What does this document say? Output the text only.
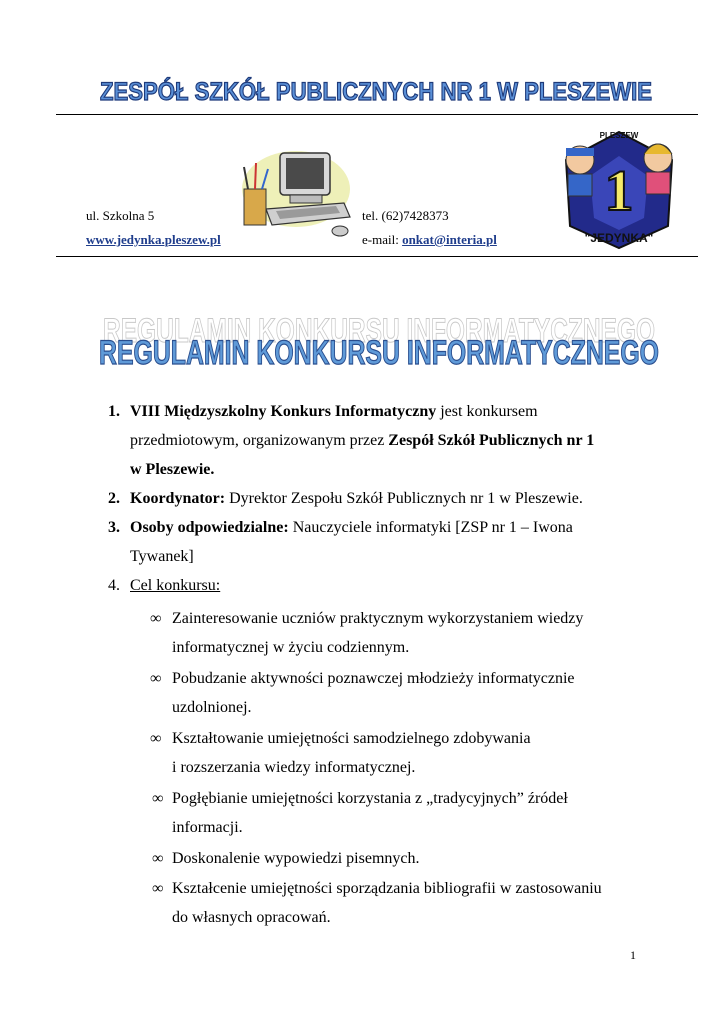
ZESPÓŁ SZKÓŁ PUBLICZNYCH NR 1 W PLESZEWIE
1
PLESZEW
"JEDYNKA"
ul. Szkolna 5
www.jedynka.pleszew.pl
tel. (62)7428373
e-mail: onkat@interia.pl
REGULAMIN KONKURSU INFORMATYCZNEGO
REGULAMIN KONKURSU INFORMATYCZNEGO
1. VIII Międzyszkolny Konkurs Informatyczny jest konkursem
przedmiotowym, organizowanym przez Zespół Szkół Publicznych nr 1
w Pleszewie.
2. Koordynator: Dyrektor Zespołu Szkół Publicznych nr 1 w Pleszewie.
3. Osoby odpowiedzialne: Nauczyciele informatyki [ZSP nr 1 – Iwona
Tywanek]
4. Cel konkursu:
∞ Zainteresowanie uczniów praktycznym wykorzystaniem wiedzy
informatycznej w życiu codziennym.
∞ Pobudzanie aktywności poznawczej młodzieży informatycznie
uzdolnionej.
∞ Kształtowanie umiejętności samodzielnego zdobywania
i rozszerzania wiedzy informatycznej.
∞ Pogłębianie umiejętności korzystania z „tradycyjnych” źródeł
informacji.
∞ Doskonalenie wypowiedzi pisemnych.
∞ Kształcenie umiejętności sporządzania bibliografii w zastosowaniu
do własnych opracowań.
1
